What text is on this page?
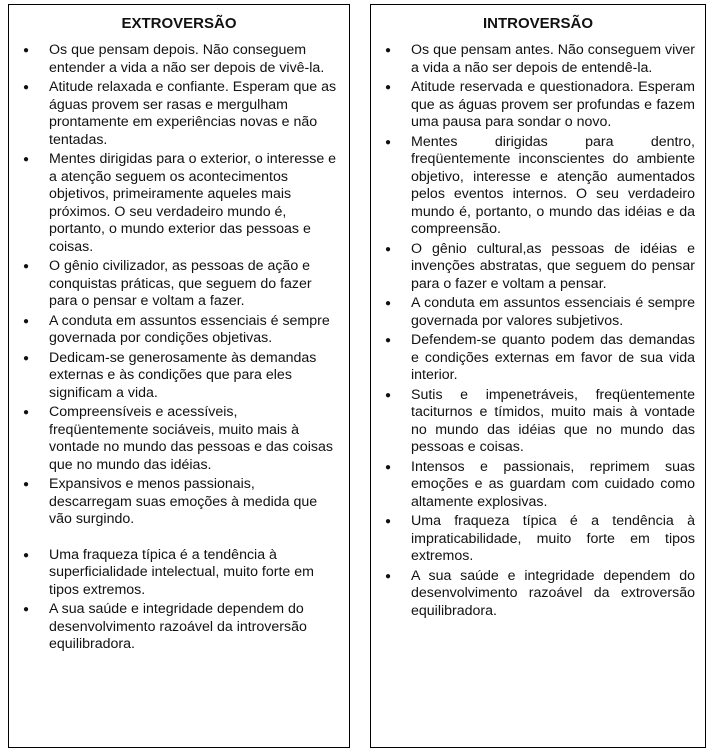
EXTROVERSÃO
● Os que pensam depois. Não conseguem entender a vida a não ser depois de vivê-la.
● Atitude relaxada e confiante. Esperam que as águas provem ser rasas e mergulham prontamente em experiências novas e não tentadas.
● Mentes dirigidas para o exterior, o interesse e a atenção seguem os acontecimentos objetivos, primeiramente aqueles mais próximos. O seu verdadeiro mundo é, portanto, o mundo exterior das pessoas e coisas.
● O gênio civilizador, as pessoas de ação e conquistas práticas, que seguem do fazer para o pensar e voltam a fazer.
● A conduta em assuntos essenciais é sempre governada por condições objetivas.
● Dedicam-se generosamente às demandas externas e às condições que para eles significam a vida.
● Compreensíveis e acessíveis, freqüentemente sociáveis, muito mais à vontade no mundo das pessoas e das coisas que no mundo das idéias.
● Expansivos e menos passionais, descarregam suas emoções à medida que vão surgindo.
● Uma fraqueza típica é a tendência à superficialidade intelectual, muito forte em tipos extremos.
● A sua saúde e integridade dependem do desenvolvimento razoável da introversão equilibradora.
INTROVERSÃO
● Os que pensam antes. Não conseguem viver a vida a não ser depois de entendê-la.
● Atitude reservada e questionadora. Esperam que as águas provem ser profundas e fazem uma pausa para sondar o novo.
● Mentes dirigidas para dentro, freqüentemente inconscientes do ambiente objetivo, interesse e atenção aumentados pelos eventos internos. O seu verdadeiro mundo é, portanto, o mundo das idéias e da compreensão.
● O gênio cultural,as pessoas de idéias e invenções abstratas, que seguem do pensar para o fazer e voltam a pensar.
● A conduta em assuntos essenciais é sempre governada por valores subjetivos.
● Defendem-se quanto podem das demandas e condições externas em favor de sua vida interior.
● Sutis e impenetráveis, freqüentemente taciturnos e tímidos, muito mais à vontade no mundo das idéias que no mundo das pessoas e coisas.
● Intensos e passionais, reprimem suas emoções e as guardam com cuidado como altamente explosivas.
● Uma fraqueza típica é a tendência à impraticabilidade, muito forte em tipos extremos.
● A sua saúde e integridade dependem do desenvolvimento razoável da extroversão equilibradora.
